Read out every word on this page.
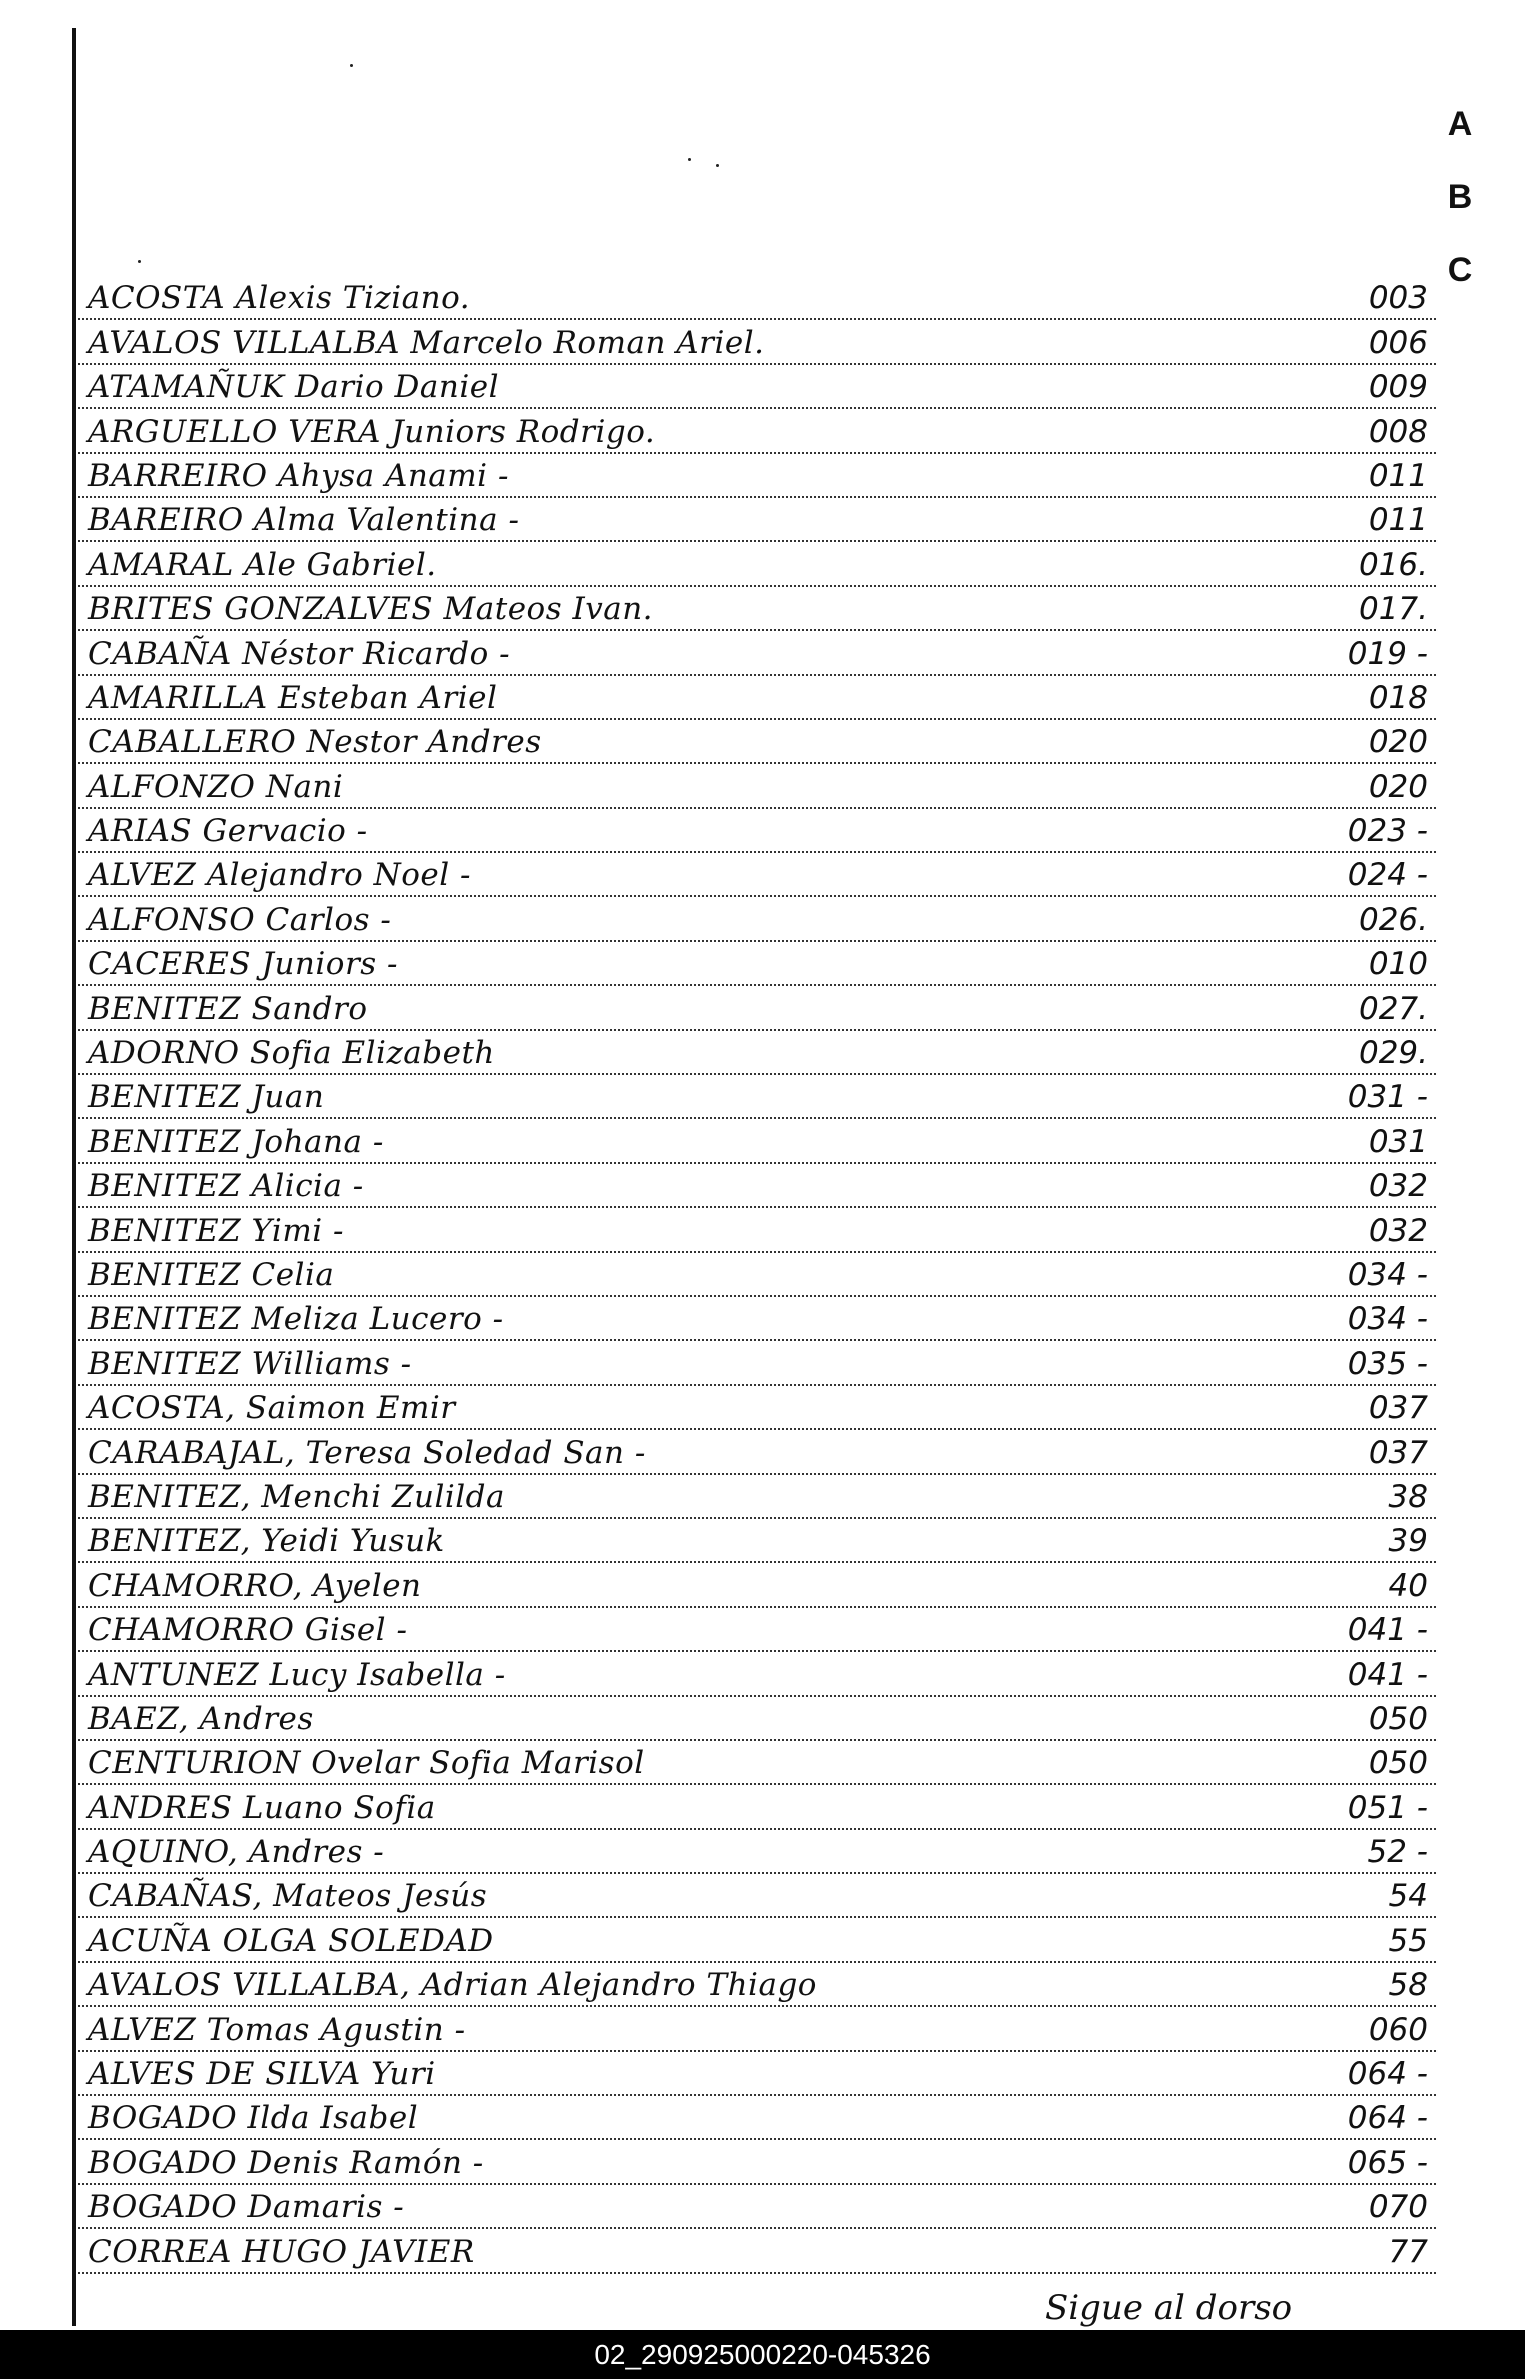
A
B
C
ACOSTA Alexis Tiziano.	003
AVALOS VILLALBA Marcelo Roman Ariel.	006
ATAMAÑUK Dario Daniel	009
ARGUELLO VERA Juniors Rodrigo.	008
BARREIRO Ahysa Anami -	011
BAREIRO Alma Valentina -	011
AMARAL Ale Gabriel.	016.
BRITES GONZALVES Mateos Ivan.	017.
CABAÑA Néstor Ricardo -	019 -
AMARILLA Esteban Ariel	018
CABALLERO Nestor Andres	020
ALFONZO Nani	020
ARIAS Gervacio -	023 -
ALVEZ Alejandro Noel -	024 -
ALFONSO Carlos -	026.
CACERES Juniors -	010
BENITEZ Sandro	027.
ADORNO Sofia Elizabeth	029.
BENITEZ Juan	031 -
BENITEZ Johana -	031
BENITEZ Alicia -	032
BENITEZ Yimi -	032
BENITEZ Celia	034 -
BENITEZ Meliza Lucero -	034 -
BENITEZ Williams -	035 -
ACOSTA, Saimon Emir	037
CARABAJAL, Teresa Soledad San -	037
BENITEZ, Menchi Zulilda	38
BENITEZ, Yeidi Yusuk	39
CHAMORRO, Ayelen	40
CHAMORRO Gisel -	041 -
ANTUNEZ Lucy Isabella -	041 -
BAEZ, Andres	050
CENTURION Ovelar Sofia Marisol	050
ANDRES Luano Sofia	051 -
AQUINO, Andres -	52 -
CABAÑAS, Mateos Jesús	54
ACUÑA OLGA SOLEDAD	55
AVALOS VILLALBA, Adrian Alejandro Thiago	58
ALVEZ Tomas Agustin -	060
ALVES DE SILVA Yuri	064 -
BOGADO Ilda Isabel	064 -
BOGADO Denis Ramón -	065 -
BOGADO Damaris -	070
CORREA HUGO JAVIER	77
Sigue al dorso
02_290925000220-045326
